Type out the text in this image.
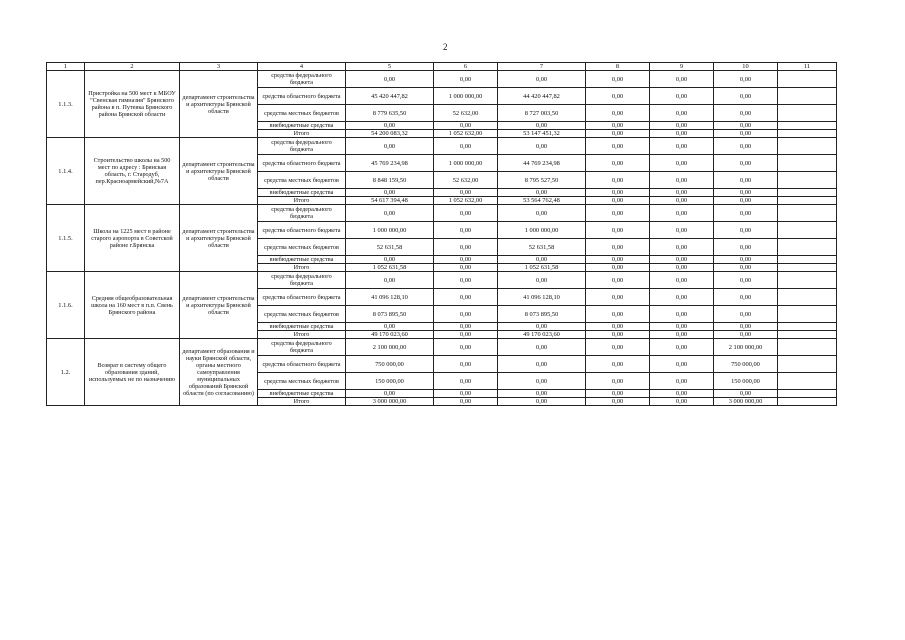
2
1	2	3	4	5	6	7	8	9	10	11
1.1.3.	Пристройка на 500 мест к МБОУ "Свенская гимназия" Брянского района в п. Путевка Брянского района Брянской области	департамент строительства и архитектуры Брянской области	средства федерального бюджета	0,00	0,00	0,00	0,00	0,00	0,00	
			средства областного бюджета	45 420 447,82	1 000 000,00	44 420 447,82	0,00	0,00	0,00	
			средства местных бюджетов	8 779 635,50	52 632,00	8 727 003,50	0,00	0,00	0,00	
			внебюджетные средства	0,00	0,00	0,00	0,00	0,00	0,00	
			Итого	54 200 083,32	1 052 632,00	53 147 451,32	0,00	0,00	0,00	
1.1.4.	Строительство школы на 500 мест по адресу : Брянская область, г. Стародуб, пер.Красноармейский,№7А	департамент строительства и архитектуры Брянской области	средства федерального бюджета	0,00	0,00	0,00	0,00	0,00	0,00	
			средства областного бюджета	45 769 234,98	1 000 000,00	44 769 234,98	0,00	0,00	0,00	
			средства местных бюджетов	8 848 159,50	52 632,00	8 795 527,50	0,00	0,00	0,00	
			внебюджетные средства	0,00	0,00	0,00	0,00	0,00	0,00	
			Итого	54 617 394,48	1 052 632,00	53 564 762,48	0,00	0,00	0,00	
1.1.5.	Школа на 1225 мест в районе старого аэропорта в Советской районе г.Брянска	департамент строительства и архитектуры Брянской области	средства федерального бюджета	0,00	0,00	0,00	0,00	0,00	0,00	
			средства областного бюджета	1 000 000,00	0,00	1 000 000,00	0,00	0,00	0,00	
			средства местных бюджетов	52 631,58	0,00	52 631,58	0,00	0,00	0,00	
			внебюджетные средства	0,00	0,00	0,00	0,00	0,00	0,00	
			Итого	1 052 631,58	0,00	1 052 631,58	0,00	0,00	0,00	
1.1.6.	Средняя общеобразовательная школа на 160 мест в п.п. Свень Брянского района	департамент строительства и архитектуры Брянской области	средства федерального бюджета	0,00	0,00	0,00	0,00	0,00	0,00	
			средства областного бюджета	41 096 128,10	0,00	41 096 128,10	0,00	0,00	0,00	
			средства местных бюджетов	8 073 895,50	0,00	8 073 895,50	0,00	0,00	0,00	
			внебюджетные средства	0,00	0,00	0,00	0,00	0,00	0,00	
			Итого	49 170 023,60	0,00	49 170 023,60	0,00	0,00	0,00	
1.2.	Возврат в систему общего образования зданий, используемых не по назначению	департамент образования и науки Брянской области, органы местного самоуправления муниципальных образований Брянской области (по согласованию)	средства федерального бюджета	2 100 000,00	0,00	0,00	0,00	0,00	2 100 000,00	
			средства областного бюджета	750 000,00	0,00	0,00	0,00	0,00	750 000,00	
			средства местных бюджетов	150 000,00	0,00	0,00	0,00	0,00	150 000,00	
			внебюджетные средства	0,00	0,00	0,00	0,00	0,00	0,00	
			Итого	3 000 000,00	0,00	0,00	0,00	0,00	3 000 000,00	
